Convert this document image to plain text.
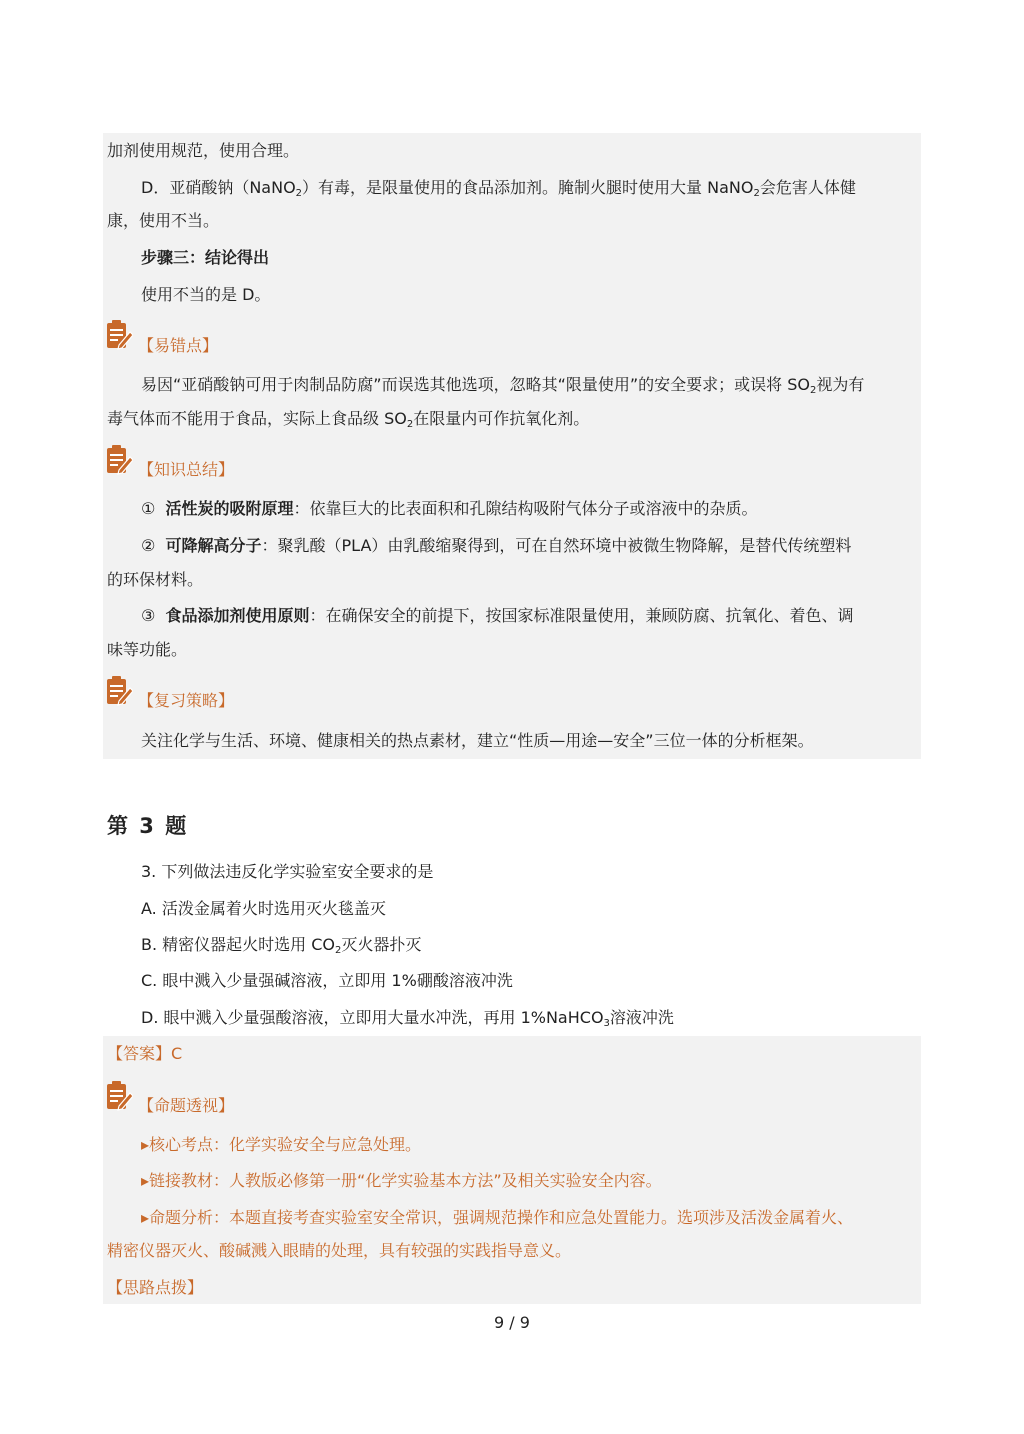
加剂使用规范，使用合理。
D．亚硝酸钠（NaNO$_2$）有毒，是限量使用的食品添加剂。腌制火腿时使用大量 NaNO$_2$会危害人体健
康，使用不当。
步骤三：结论得出
使用不当的是 D。
【易错点】
易因“亚硝酸钠可用于肉制品防腐”而误选其他选项，忽略其“限量使用”的安全要求；或误将 $SO_2$视为有
毒气体而不能用于食品，实际上食品级 $SO_2$在限量内可作抗氧化剂。
【知识总结】
① 活性炭的吸附原理：依靠巨大的比表面积和孔隙结构吸附气体分子或溶液中的杂质。
② 可降解高分子：聚乳酸（PLA）由乳酸缩聚得到，可在自然环境中被微生物降解，是替代传统塑料
的环保材料。
③ 食品添加剂使用原则：在确保安全的前提下，按国家标准限量使用，兼顾防腐、抗氧化、着色、调
味等功能。
【复习策略】
关注化学与生活、环境、健康相关的热点素材，建立“性质—用途—安全”三位一体的分析框架。
第 3 题
3. 下列做法违反化学实验室安全要求的是
A. 活泼金属着火时选用灭火毯盖灭
B. 精密仪器起火时选用 $CO_2$灭火器扑灭
C. 眼中溅入少量强碱溶液，立即用 1%硼酸溶液冲洗
D. 眼中溅入少量强酸溶液，立即用大量水冲洗，再用 1%NaHCO$_3$溶液冲洗
【答案】C
【命题透视】
▸核心考点：化学实验安全与应急处理。
▸链接教材：人教版必修第一册“化学实验基本方法”及相关实验安全内容。
▸命题分析：本题直接考查实验室安全常识，强调规范操作和应急处置能力。选项涉及活泼金属着火、
精密仪器灭火、酸碱溅入眼睛的处理，具有较强的实践指导意义。
【思路点拨】
9 / 9
